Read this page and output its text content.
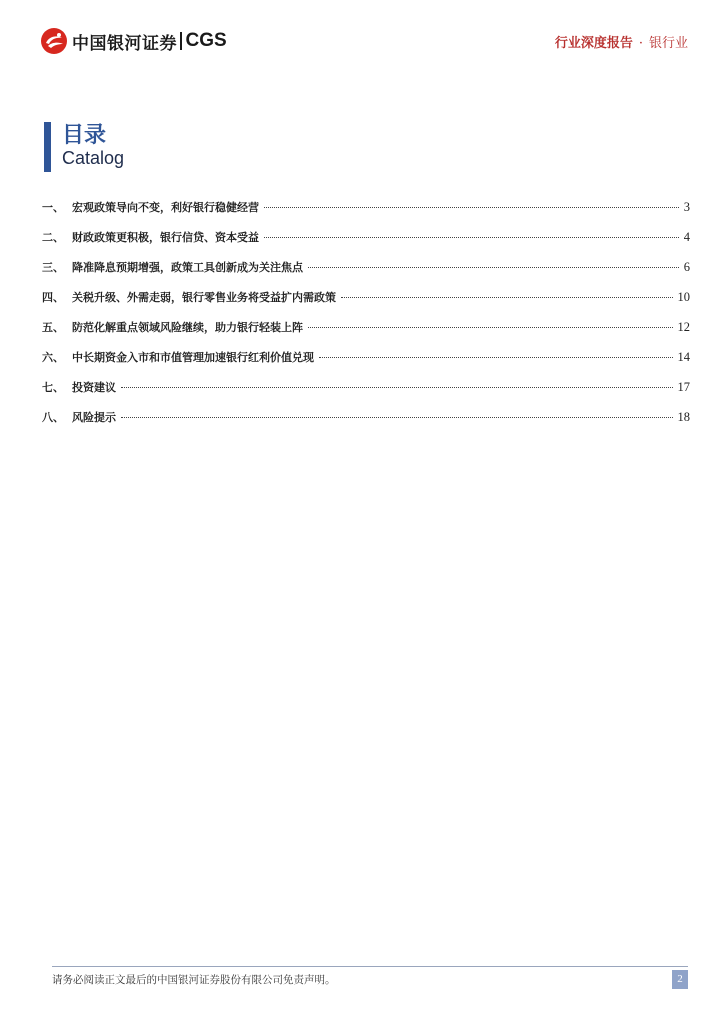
中国银河证券 CGS	行业深度报告 · 银行业
目录
Catalog
一、 宏观政策导向不变，利好银行稳健经营	3
二、 财政政策更积极，银行信贷、资本受益	4
三、 降准降息预期增强，政策工具创新成为关注焦点	6
四、 关税升级、外需走弱，银行零售业务将受益扩内需政策	10
五、 防范化解重点领域风险继续，助力银行轻装上阵	12
六、 中长期资金入市和市值管理加速银行红利价值兑现	14
七、 投资建议	17
八、 风险提示	18
请务必阅读正文最后的中国银河证券股份有限公司免责声明。	2
